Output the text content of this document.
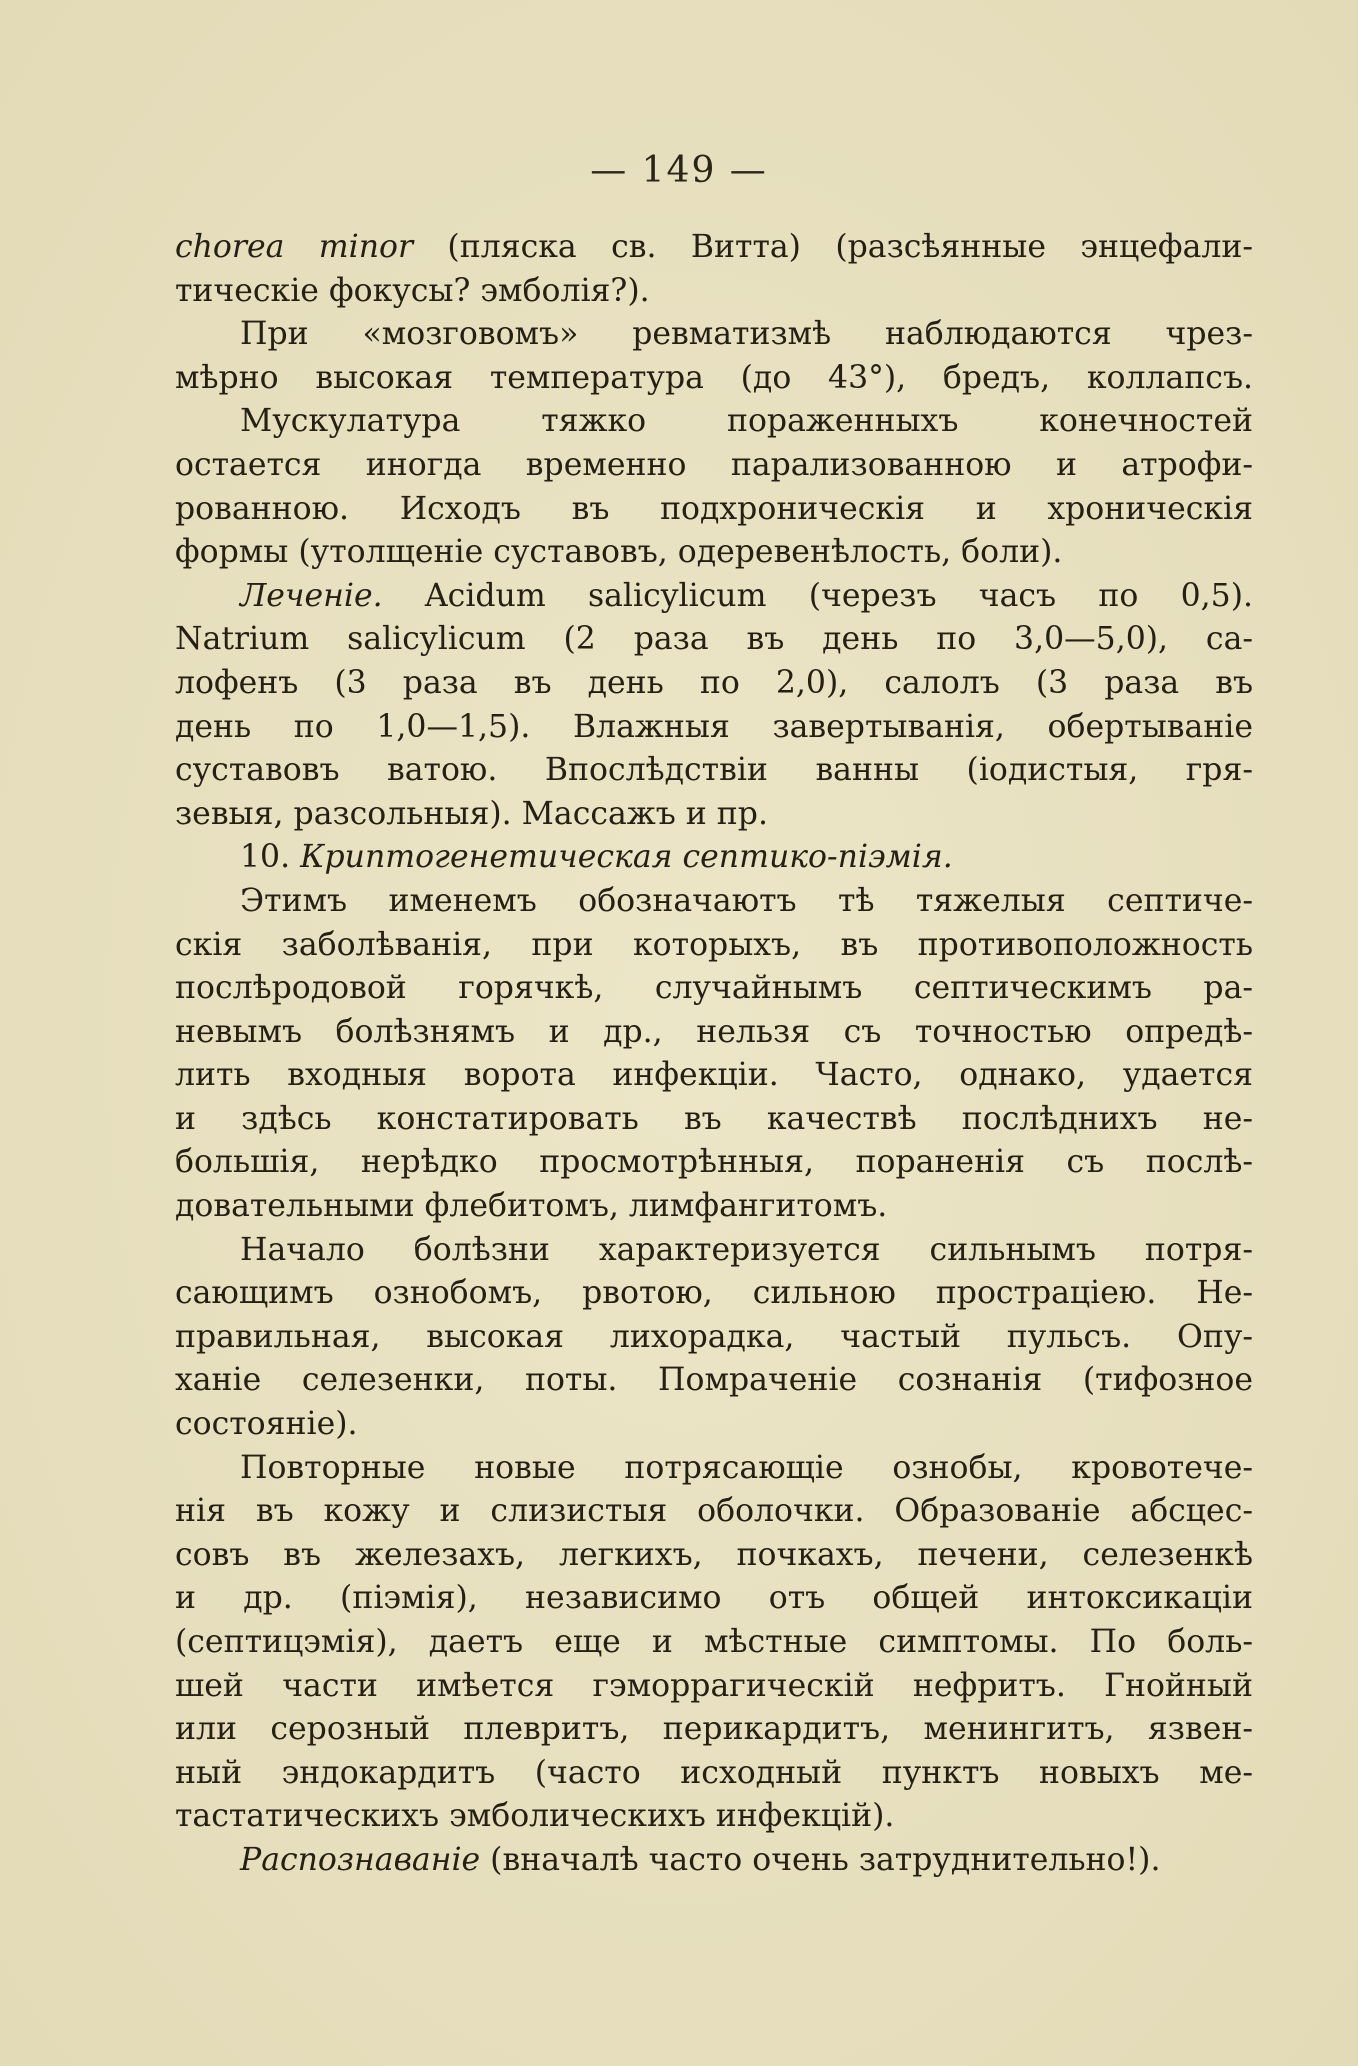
— 149 —
chorea minor (пляска св. Витта) (разсѣянные энцефали-
тическіе фокусы? эмболія?).
При «мозговомъ» ревматизмѣ наблюдаются чрез-
мѣрно высокая температура (до 43°), бредъ, коллапсъ.
Мускулатура тяжко пораженныхъ конечностей
остается иногда временно парализованною и атрофи-
рованною. Исходъ въ подхроническія и хроническія
формы (утолщеніе суставовъ, одеревенѣлость, боли).
Леченіе. Acidum salicylicum (черезъ часъ по 0,5).
Natrium salicylicum (2 раза въ день по 3,0—5,0), са-
лофенъ (3 раза въ день по 2,0), салолъ (3 раза въ
день по 1,0—1,5). Влажныя завертыванія, обертываніе
суставовъ ватою. Впослѣдствіи ванны (іодистыя, гря-
зевыя, разсольныя). Массажъ и пр.
10. Криптогенетическая септико-пiэмія.
Этимъ именемъ обозначаютъ тѣ тяжелыя септиче-
скія заболѣванія, при которыхъ, въ противоположность
послѣродовой горячкѣ, случайнымъ септическимъ ра-
невымъ болѣзнямъ и др., нельзя съ точностью опредѣ-
лить входныя ворота инфекціи. Часто, однако, удается
и здѣсь констатировать въ качествѣ послѣднихъ не-
большія, нерѣдко просмотрѣнныя, пораненія съ послѣ-
довательными флебитомъ, лимфангитомъ.
Начало болѣзни характеризуется сильнымъ потря-
сающимъ ознобомъ, рвотою, сильною прострацiею. Не-
правильная, высокая лихорадка, частый пульсъ. Опу-
ханіе селезенки, поты. Помраченіе сознанія (тифозное
состояніе).
Повторные новые потрясающіе ознобы, кровотече-
нія въ кожу и слизистыя оболочки. Образованіе абсцес-
совъ въ железахъ, легкихъ, почкахъ, печени, селезенкѣ
и др. (пiэмія), независимо отъ общей интоксикаціи
(септицэмія), даетъ еще и мѣстные симптомы. По боль-
шей части имѣется гэморрагическій нефритъ. Гнойный
или серозный плевритъ, перикардитъ, менингитъ, язвен-
ный эндокардитъ (часто исходный пунктъ новыхъ ме-
тастатическихъ эмболическихъ инфекцій).
Распознаваніе (вначалѣ часто очень затруднительно!).
